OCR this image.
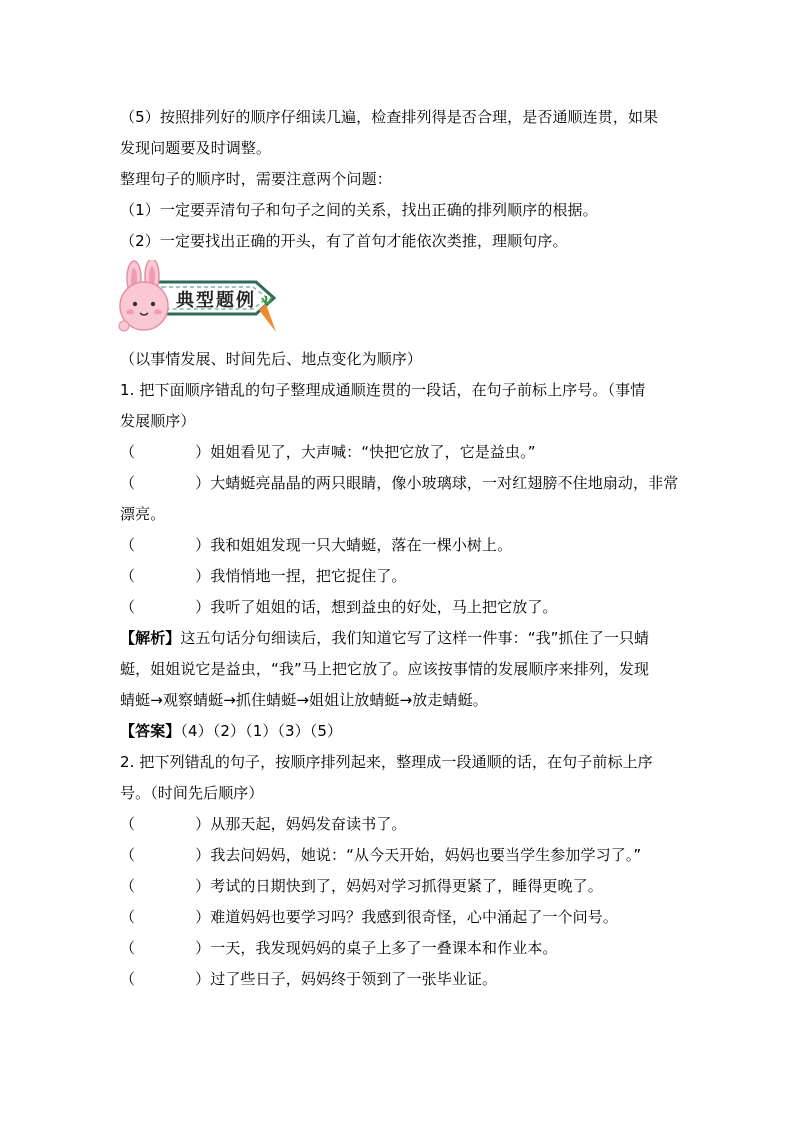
（5）按照排列好的顺序仔细读几遍，检查排列得是否合理，是否通顺连贯，如果
发现问题要及时调整。
整理句子的顺序时，需要注意两个问题：
（1）一定要弄清句子和句子之间的关系，找出正确的排列顺序的根据。
（2）一定要找出正确的开头，有了首句才能依次类推，理顺句序。
典型题例
（以事情发展、时间先后、地点变化为顺序）
1. 把下面顺序错乱的句子整理成通顺连贯的一段话，在句子前标上序号。（事情
发展顺序）
（	）姐姐看见了，大声喊：“快把它放了，它是益虫。”
（	）大蜻蜓亮晶晶的两只眼睛，像小玻璃球，一对红翅膀不住地扇动，非常
漂亮。
（	）我和姐姐发现一只大蜻蜓，落在一棵小树上。
（	）我悄悄地一捏，把它捉住了。
（	）我听了姐姐的话，想到益虫的好处，马上把它放了。
【解析】这五句话分句细读后，我们知道它写了这样一件事：“我”抓住了一只蜻
蜓，姐姐说它是益虫，“我”马上把它放了。应该按事情的发展顺序来排列，发现
蜻蜓→观察蜻蜓→抓住蜻蜓→姐姐让放蜻蜓→放走蜻蜓。
【答案】（4）（2）（1）（3）（5）
2. 把下列错乱的句子，按顺序排列起来，整理成一段通顺的话，在句子前标上序
号。（时间先后顺序）
（	）从那天起，妈妈发奋读书了。
（	）我去问妈妈，她说：“从今天开始，妈妈也要当学生参加学习了。”
（	）考试的日期快到了，妈妈对学习抓得更紧了，睡得更晚了。
（	）难道妈妈也要学习吗？我感到很奇怪，心中涌起了一个问号。
（	）一天，我发现妈妈的桌子上多了一叠课本和作业本。
（	）过了些日子，妈妈终于领到了一张毕业证。
